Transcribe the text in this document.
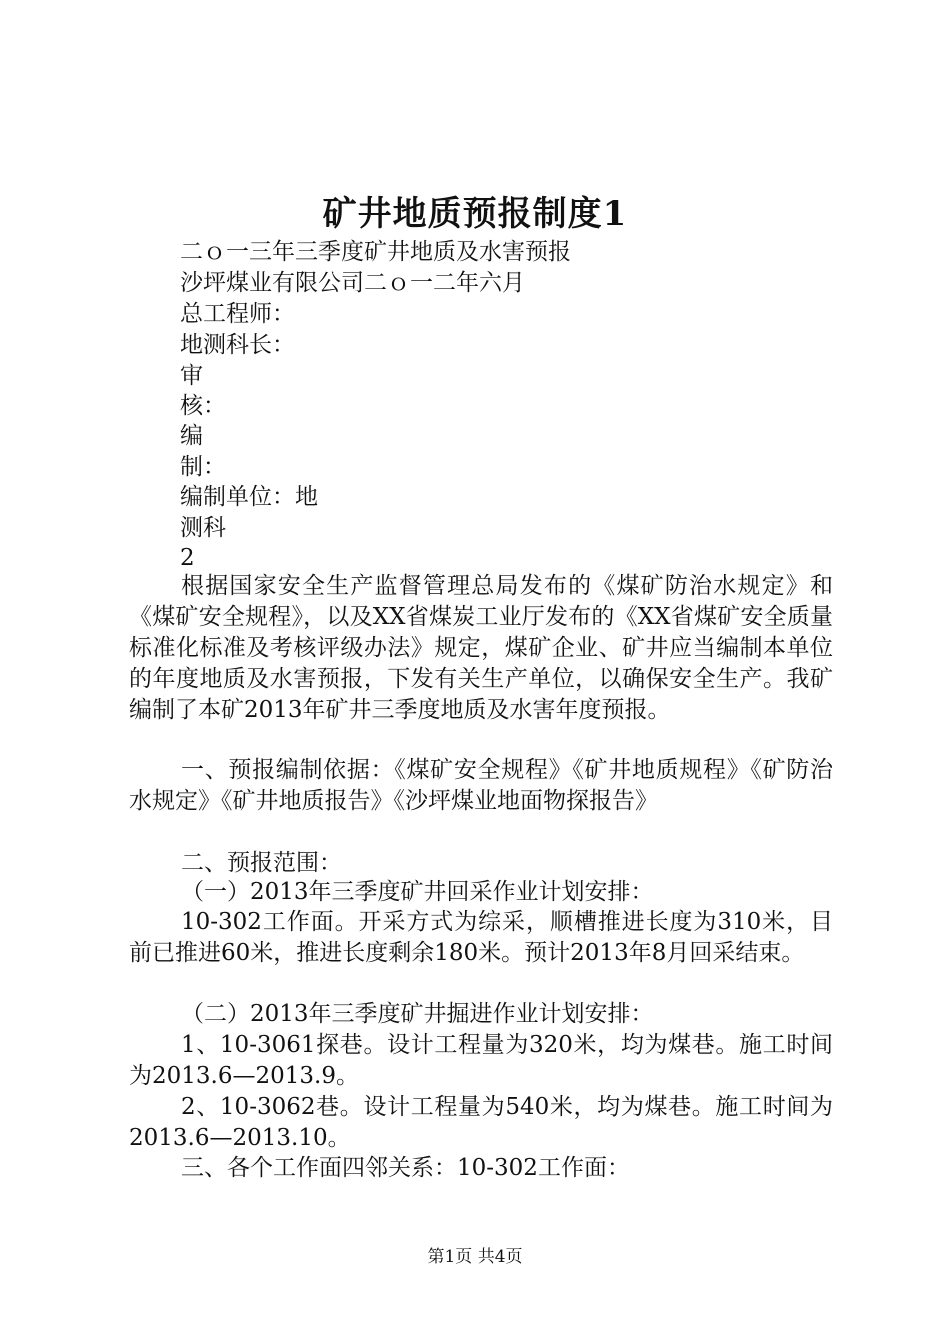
矿井地质预报制度1
二ｏ一三年三季度矿井地质及水害预报
沙坪煤业有限公司二ｏ一二年六月
总工程师：
地测科长：
审
核：
编
制：
编制单位：地
测科
2
根据国家安全生产监督管理总局发布的《煤矿防治水规定》和《煤矿安全规程》，以及XX省煤炭工业厅发布的《XX省煤矿安全质量标准化标准及考核评级办法》规定，煤矿企业、矿井应当编制本单位的年度地质及水害预报，下发有关生产单位，以确保安全生产。我矿编制了本矿2013年矿井三季度地质及水害年度预报。
一、预报编制依据：《煤矿安全规程》《矿井地质规程》《矿防治水规定》《矿井地质报告》《沙坪煤业地面物探报告》
二、预报范围：
（一）2013年三季度矿井回采作业计划安排：
10-302工作面。开采方式为综采，顺槽推进长度为310米，目前已推进60米，推进长度剩余180米。预计2013年8月回采结束。
（二）2013年三季度矿井掘进作业计划安排：
1、10-3061探巷。设计工程量为320米，均为煤巷。施工时间为2013.6—2013.9。
2、10-3062巷。设计工程量为540米，均为煤巷。施工时间为2013.6—2013.10。
三、各个工作面四邻关系：10-302工作面：
第1页 共4页
